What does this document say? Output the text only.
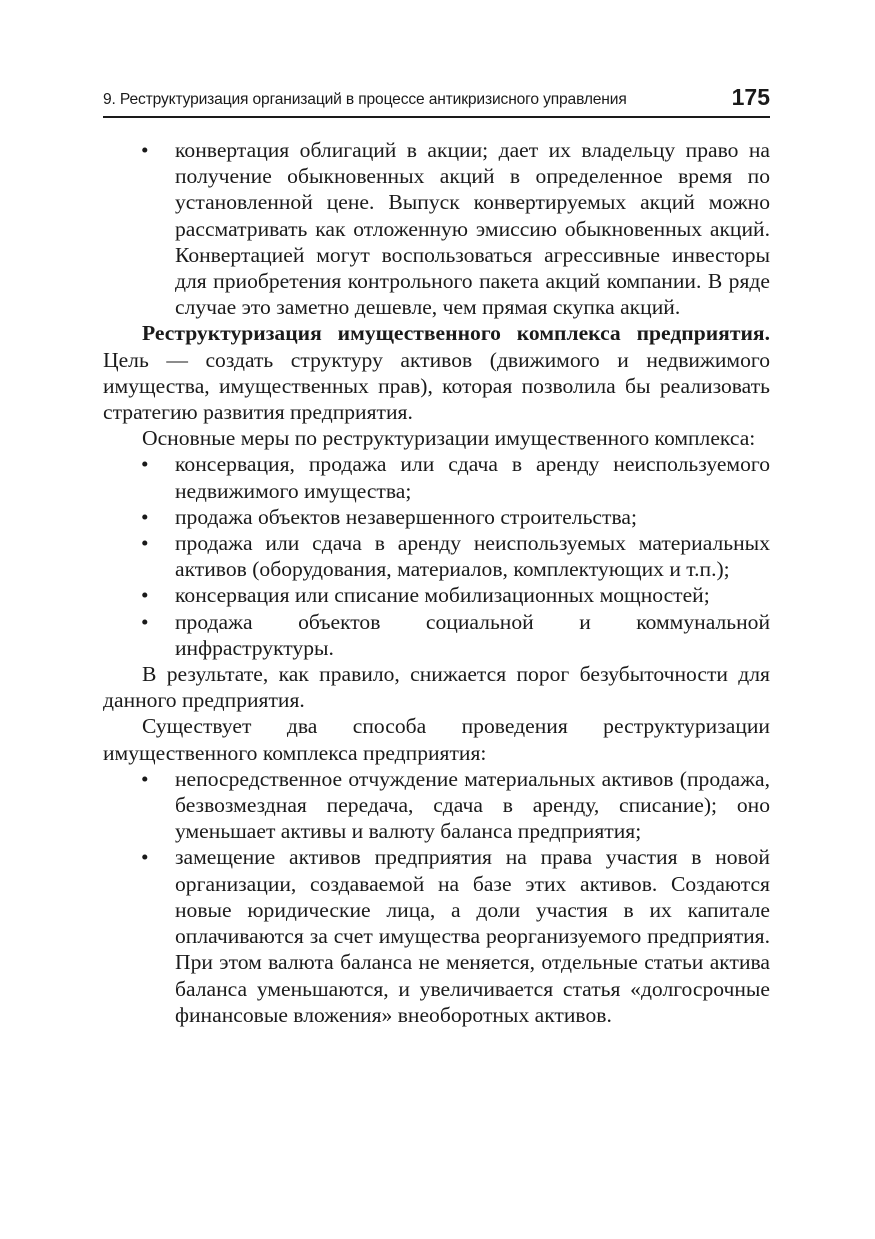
9. Реструктуризация организаций в процессе антикризисного управления	175
• конвертация облигаций в акции; дает их владельцу право на получение обыкновенных акций в определенное время по установленной цене. Выпуск конвертируемых акций можно рассматривать как отложенную эмиссию обыкновенных акций. Конвертацией могут воспользоваться агрессивные инвесторы для приобретения контрольного пакета акций компании. В ряде случае это заметно дешевле, чем прямая скупка акций.

Реструктуризация имущественного комплекса предприятия. Цель — создать структуру активов (движимого и недвижимого имущества, имущественных прав), которая позволила бы реализовать стратегию развития предприятия.

Основные меры по реструктуризации имущественного комплекса:

• консервация, продажа или сдача в аренду неиспользуемого недвижимого имущества;
• продажа объектов незавершенного строительства;
• продажа или сдача в аренду неиспользуемых материальных активов (оборудования, материалов, комплектующих и т.п.);
• консервация или списание мобилизационных мощностей;
• продажа объектов социальной и коммунальной инфраструктуры.

В результате, как правило, снижается порог безубыточности для данного предприятия.

Существует два способа проведения реструктуризации имущественного комплекса предприятия:

• непосредственное отчуждение материальных активов (продажа, безвозмездная передача, сдача в аренду, списание); оно уменьшает активы и валюту баланса предприятия;
• замещение активов предприятия на права участия в новой организации, создаваемой на базе этих активов. Создаются новые юридические лица, а доли участия в их капитале оплачиваются за счет имущества реорганизуемого предприятия. При этом валюта баланса не меняется, отдельные статьи актива баланса уменьшаются, и увеличивается статья «долгосрочные финансовые вложения» внеоборотных активов.
